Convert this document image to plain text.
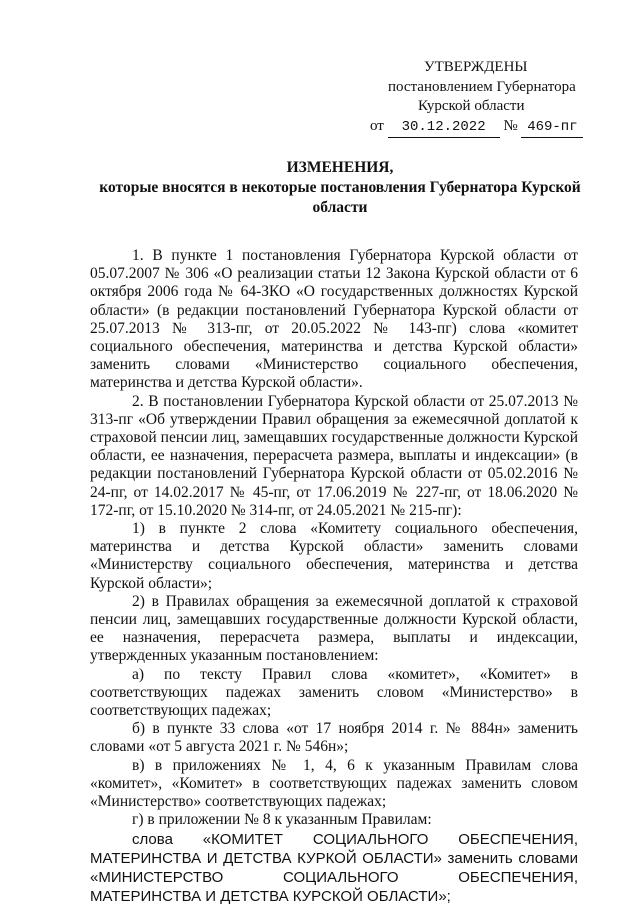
УТВЕРЖДЕНЫ
постановлением Губернатора
Курской области
от 30.12.2022 № 469-пг
ИЗМЕНЕНИЯ,
которые вносятся в некоторые постановления Губернатора Курской
области

1. В пункте 1 постановления Губернатора Курской области от 05.07.2007 № 306 «О реализации статьи 12 Закона Курской области от 6 октября 2006 года № 64-ЗКО «О государственных должностях Курской области» (в редакции постановлений Губернатора Курской области от 25.07.2013 № 313-пг, от 20.05.2022 № 143-пг) слова «комитет социального обеспечения, материнства и детства Курской области» заменить словами «Министерство социального обеспечения, материнства и детства Курской области».

2. В постановлении Губернатора Курской области от 25.07.2013 № 313-пг «Об утверждении Правил обращения за ежемесячной доплатой к страховой пенсии лиц, замещавших государственные должности Курской области, ее назначения, перерасчета размера, выплаты и индексации» (в редакции постановлений Губернатора Курской области от 05.02.2016 № 24-пг, от 14.02.2017 № 45-пг, от 17.06.2019 № 227-пг, от 18.06.2020 № 172-пг, от 15.10.2020 № 314-пг, от 24.05.2021 № 215-пг):

1) в пункте 2 слова «Комитету социального обеспечения, материнства и детства Курской области» заменить словами «Министерству социального обеспечения, материнства и детства Курской области»;

2) в Правилах обращения за ежемесячной доплатой к страховой пенсии лиц, замещавших государственные должности Курской области, ее назначения, перерасчета размера, выплаты и индексации, утвержденных указанным постановлением:

а) по тексту Правил слова «комитет», «Комитет» в соответствующих падежах заменить словом «Министерство» в соответствующих падежах;

б) в пункте 33 слова «от 17 ноября 2014 г. № 884н» заменить словами «от 5 августа 2021 г. № 546н»;

в) в приложениях № 1, 4, 6 к указанным Правилам слова «комитет», «Комитет» в соответствующих падежах заменить словом «Министерство» соответствующих падежах;

г) в приложении № 8 к указанным Правилам:

слова «КОМИТЕТ СОЦИАЛЬНОГО ОБЕСПЕЧЕНИЯ, МАТЕРИНСТВА И ДЕТСТВА КУРКОЙ ОБЛАСТИ» заменить словами «МИНИСТЕРСТВО СОЦИАЛЬНОГО ОБЕСПЕЧЕНИЯ, МАТЕРИНСТВА И ДЕТСТВА КУРСКОЙ ОБЛАСТИ»;
